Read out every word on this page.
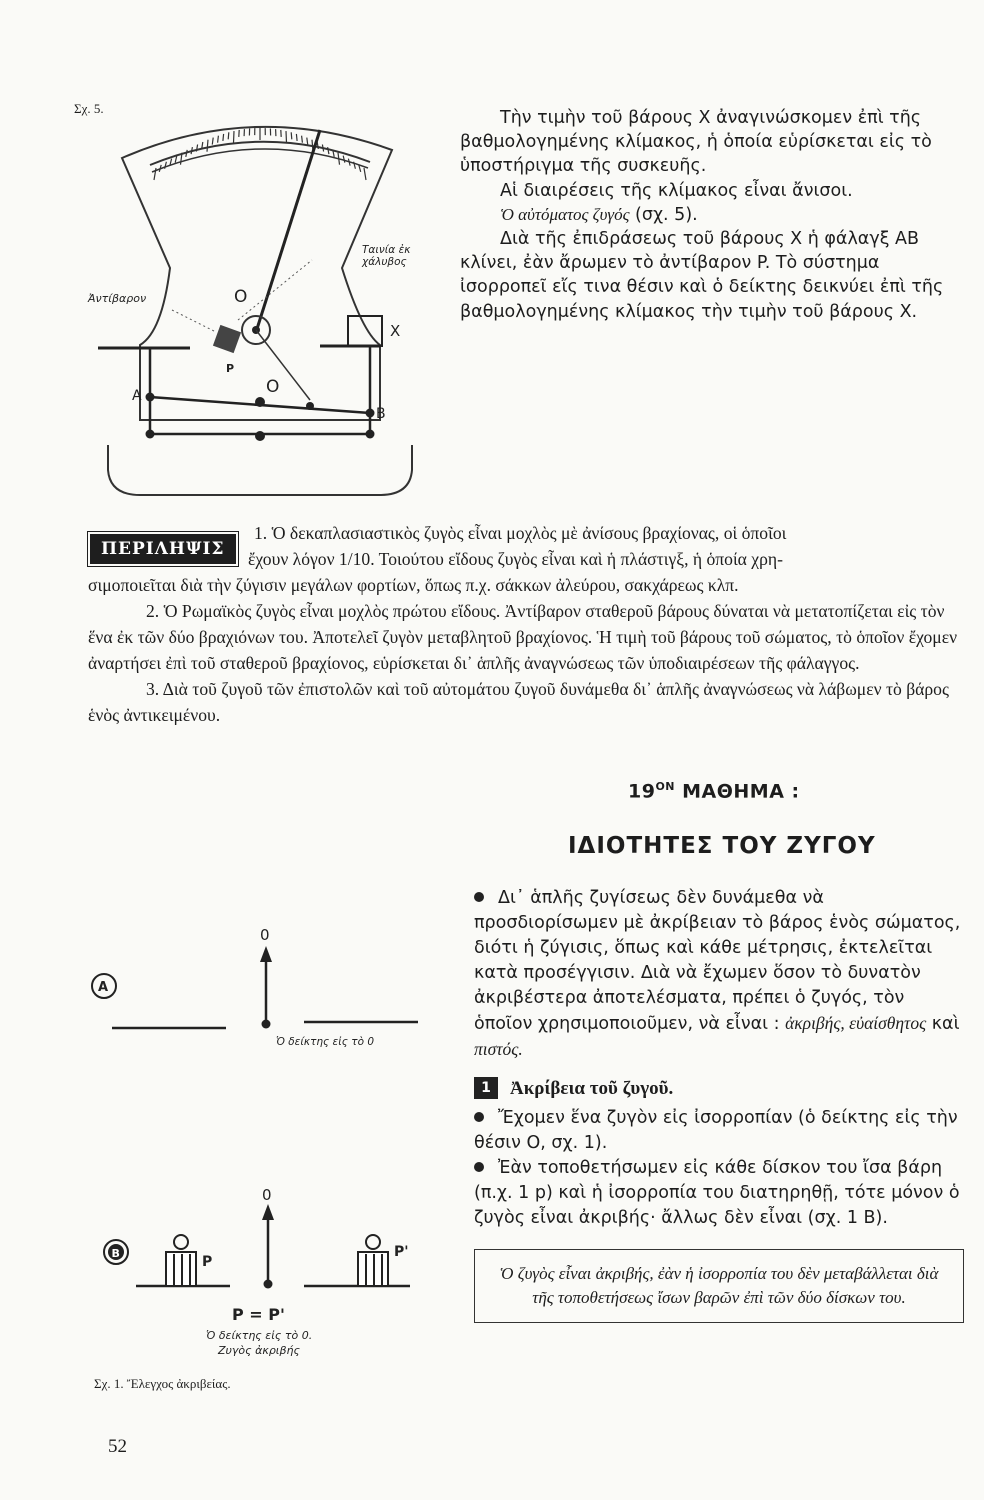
Σχ. 5.
O
O
X
P
A
B
Ἀντίβαρον
Ταινία ἐκ
χάλυβος

Τὴν τιμὴν τοῦ βάρους X ἀναγινώσκομεν ἐπὶ τῆς βαθμολογημένης κλίμακος, ἡ ὁποία εὑρίσκεται εἰς τὸ ὑποστήριγμα τῆς συσκευῆς.

Αἱ διαιρέσεις τῆς κλίμακος εἶναι ἄνισοι.

Ὁ αὐτόματος ζυγός (σχ. 5).

Διὰ τῆς ἐπιδράσεως τοῦ βάρους X ἡ φάλαγξ AB κλίνει, ἐὰν ἄρωμεν τὸ ἀντίβαρον P. Τὸ σύστημα ἰσορροπεῖ εἴς τινα θέσιν καὶ ὁ δείκτης δεικνύει ἐπὶ τῆς βαθμολογημένης κλίμακος τὴν τιμὴν τοῦ βάρους X.

ΠΕΡΙΛΗΨΙΣ

1. Ὁ δεκαπλασιαστικὸς ζυγὸς εἶναι μοχλὸς μὲ ἀνίσους βραχίονας, οἱ ὁποῖοι

ἔχουν λόγον 1/10. Τοιούτου εἴδους ζυγὸς εἶναι καὶ ἡ πλάστιγξ, ἡ ὁποία χρη-

σιμοποιεῖται διὰ τὴν ζύγισιν μεγάλων φορτίων, ὅπως π.χ. σάκκων ἀλεύρου, σακχάρεως κλπ.

2. Ὁ Ρωμαϊκὸς ζυγὸς εἶναι μοχλὸς πρώτου εἴδους. Ἀντίβαρον σταθεροῦ βάρους δύναται νὰ μετατοπίζεται εἰς τὸν ἕνα ἐκ τῶν δύο βραχιόνων του. Ἀποτελεῖ ζυγὸν μεταβλητοῦ βραχίονος. Ἡ τιμὴ τοῦ βάρους τοῦ σώματος, τὸ ὁποῖον ἔχομεν ἀναρτήσει ἐπὶ τοῦ σταθεροῦ βραχίονος, εὑρίσκεται δι᾿ ἁπλῆς ἀναγνώσεως τῶν ὑποδιαιρέσεων τῆς φάλαγγος.

3. Διὰ τοῦ ζυγοῦ τῶν ἐπιστολῶν καὶ τοῦ αὐτομάτου ζυγοῦ δυνάμεθα δι᾿ ἁπλῆς ἀναγνώσεως νὰ λάβωμεν τὸ βάρος ἑνὸς ἀντικειμένου.

$19^{ON}$ ΜΑΘΗΜΑ :
ΙΔΙΟΤΗΤΕΣ ΤΟΥ ΖΥΓΟΥ

Δι᾿ ἁπλῆς ζυγίσεως δὲν δυνάμεθα νὰ προσδιορίσωμεν μὲ ἀκρίβειαν τὸ βάρος ἑνὸς σώματος, διότι ἡ ζύγισις, ὅπως καὶ κάθε μέτρησις, ἐκτελεῖται κατὰ προσέγγισιν. Διὰ νὰ ἔχωμεν ὅσον τὸ δυνατὸν ἀκριβέστερα ἀποτελέσματα, πρέπει ὁ ζυγός, τὸν ὁποῖον χρησιμοποιοῦμεν, νὰ εἶναι : ἀκριβής, εὐαίσθητος καὶ πιστός.

1 Ἀκρίβεια τοῦ ζυγοῦ.

Ἔχομεν ἕνα ζυγὸν εἰς ἰσορροπίαν (ὁ δείκτης εἰς τὴν θέσιν O, σχ. 1).

Ἐὰν τοποθετήσωμεν εἰς κάθε δίσκον του ἴσα βάρη (π.χ. 1 p) καὶ ἡ ἰσορροπία του διατηρηθῇ, τότε μόνον ὁ ζυγὸς εἶναι ἀκριβής· ἄλλως δὲν εἶναι (σχ. 1 B).

Ὁ ζυγὸς εἶναι ἀκριβής, ἐὰν ἡ ἰσορροπία του δὲν μεταβάλλεται διὰ τῆς τοποθετήσεως ἴσων βαρῶν ἐπὶ τῶν δύο δίσκων του.

A
0
Ὁ δείκτης εἰς τὸ 0
B
0
P
P'
P = P'
Ὁ δείκτης εἰς τὸ 0.
Ζυγὸς ἀκριβής
Σχ. 1. Ἔλεγχος ἀκριβείας.
52
